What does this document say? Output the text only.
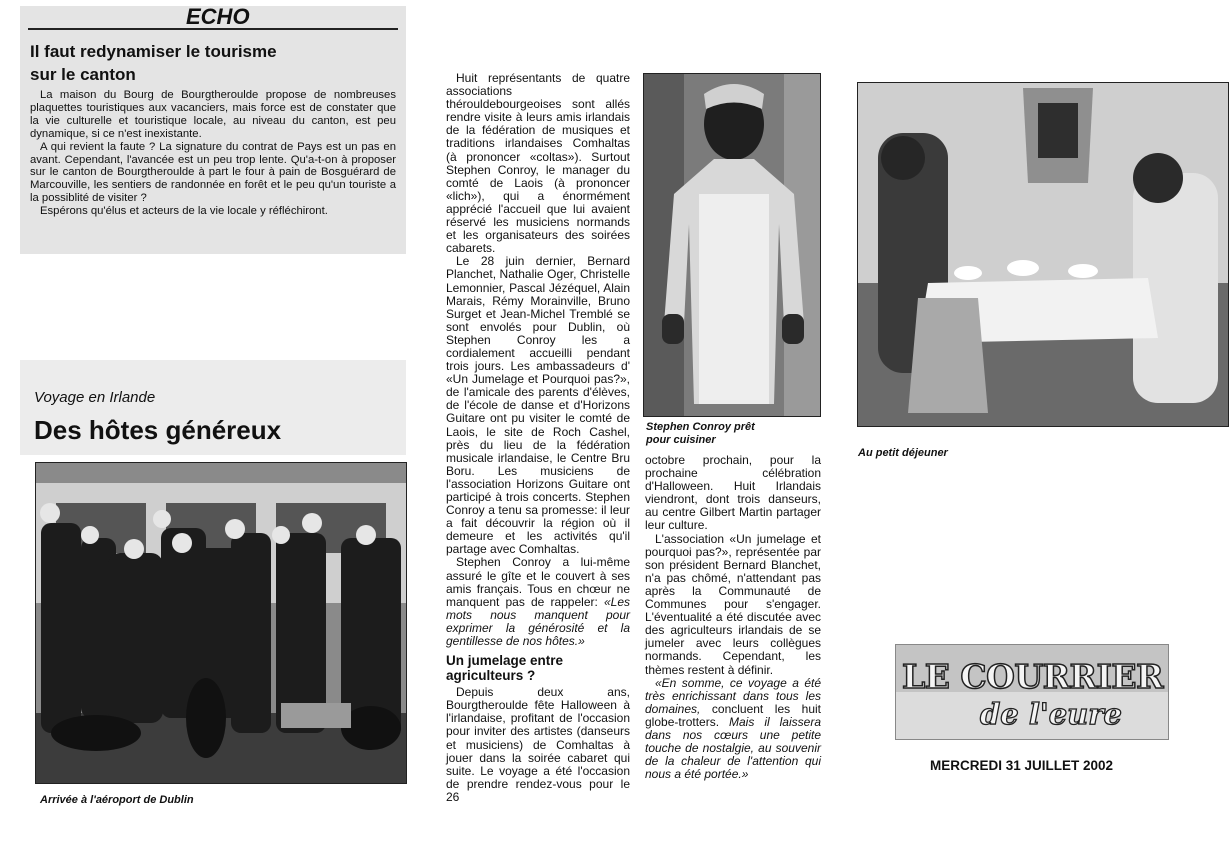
ECHO
Il faut redynamiser le tourisme
sur le canton

La maison du Bourg de Bourgtheroulde propose de nombreuses plaquettes touristiques aux vacanciers, mais force est de constater que la vie culturelle et touristique locale, au niveau du canton, est peu dynamique, si ce n'est inexistante.

A qui revient la faute ? La signature du contrat de Pays est un pas en avant. Cependant, l'avancée est un peu trop lente. Qu'a-t-on à proposer sur le canton de Bourgtheroulde à part le four à pain de Bosguérard de Marcouville, les sentiers de randonnée en forêt et le peu qu'un touriste a la possiblité de visiter ?

Espérons qu'élus et acteurs de la vie locale y réfléchiront.

Voyage en Irlande
Des hôtes généreux
Arrivée à l'aéroport de Dublin

Huit représentants de quatre associations thérouldebourgeoises sont allés rendre visite à leurs amis irlandais de la fédération de musiques et traditions irlandaises Comhaltas (à prononcer «coltas»). Surtout Stephen Conroy, le manager du comté de Laois (à prononcer «lich»), qui a énormément apprécié l'accueil que lui avaient réservé les musiciens normands et les organisateurs des soirées cabarets.

Le 28 juin dernier, Bernard Planchet, Nathalie Oger, Christelle Lemonnier, Pascal Jézéquel, Alain Marais, Rémy Morainville, Bruno Surget et Jean-Michel Tremblé se sont envolés pour Dublin, où Stephen Conroy les a cordialement accueilli pendant trois jours. Les ambassadeurs d' «Un Jumelage et Pourquoi pas?», de l'amicale des parents d'élèves, de l'école de danse et d'Horizons Guitare ont pu visiter le comté de Laois, le site de Roch Cashel, près du lieu de la fédération musicale irlandaise, le Centre Bru Boru. Les musiciens de l'association Horizons Guitare ont participé à trois concerts. Stephen Conroy a tenu sa promesse: il leur a fait découvrir la région où il demeure et les activités qu'il partage avec Comhaltas.

Stephen Conroy a lui-même assuré le gîte et le couvert à ses amis français. Tous en chœur ne manquent pas de rappeler: «Les mots nous manquent pour exprimer la générosité et la gentillesse de nos hôtes.»

Un jumelage entre agriculteurs ?

Depuis deux ans, Bourgtheroulde fête Halloween à l'irlandaise, profitant de l'occasion pour inviter des artistes (danseurs et musiciens) de Comhaltas à jouer dans la soirée cabaret qui suite. Le voyage a été l'occasion de prendre rendez-vous pour le 26

Stephen Conroy prêt
pour cuisiner

octobre prochain, pour la prochaine célébration d'Halloween. Huit Irlandais viendront, dont trois danseurs, au centre Gilbert Martin partager leur culture.

L'association «Un jumelage et pourquoi pas?», représentée par son président Bernard Blanchet, n'a pas chômé, n'attendant pas après la Communauté de Communes pour s'engager. L'éventualité a été discutée avec des agriculteurs irlandais de se jumeler avec leurs collègues normands. Cependant, les thèmes restent à définir.

«En somme, ce voyage a été très enrichissant dans tous les domaines, concluent les huit globe-trotters. Mais il laissera dans nos cœurs une petite touche de nostalgie, au souvenir de la chaleur de l'attention qui nous a été portée.»

Au petit déjeuner
LE COURRIER
de l'eure
MERCREDI 31 JUILLET 2002
